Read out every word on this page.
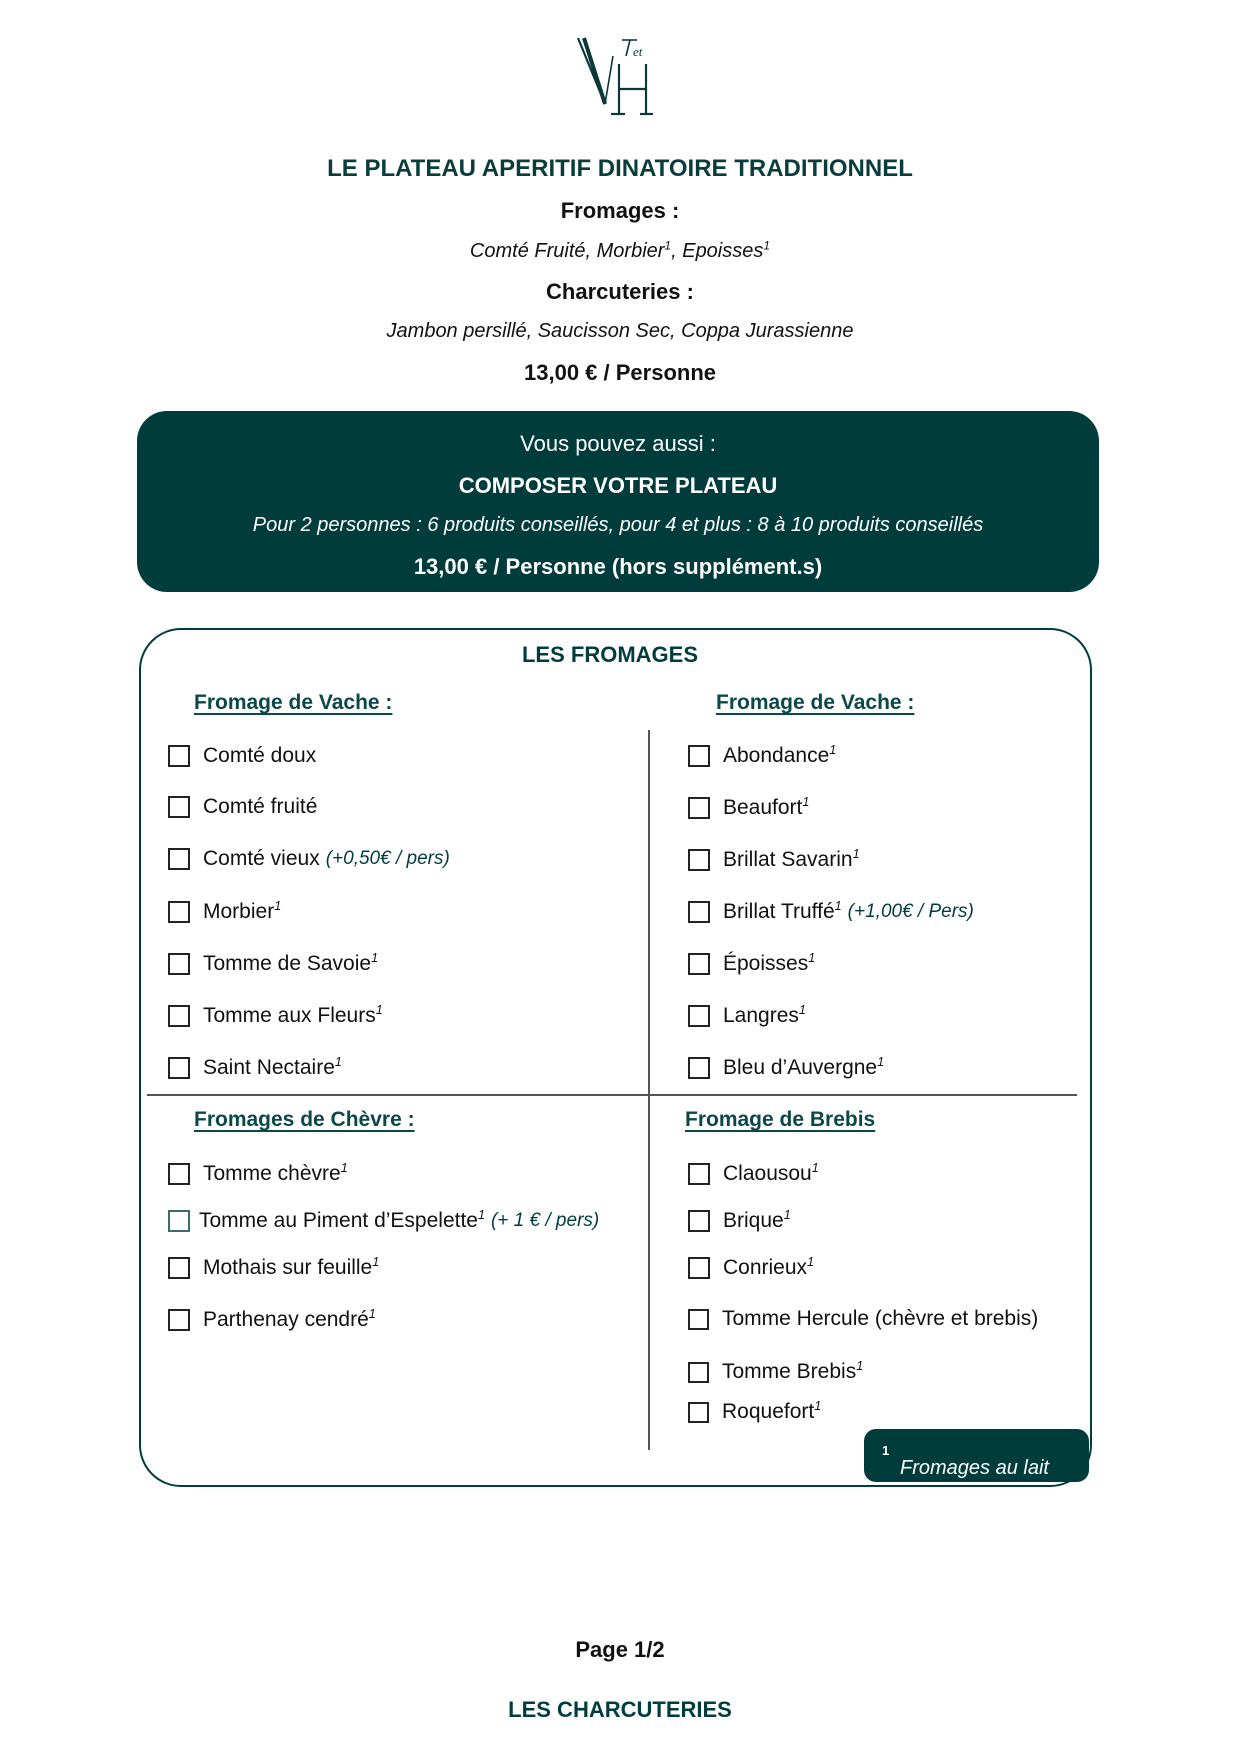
et
LE PLATEAU APERITIF DINATOIRE TRADITIONNEL
Fromages :
Comté Fruité, Morbier$^1$, Epoisses$^1$
Charcuteries :
Jambon persillé, Saucisson Sec, Coppa Jurassienne
13,00 € / Personne
Vous pouvez aussi :
COMPOSER VOTRE PLATEAU
Pour 2 personnes : 6 produits conseillés, pour 4 et plus : 8 à 10 produits conseillés
13,00 € / Personne (hors supplément.s)
LES FROMAGES
Fromage de Vache :	Fromage de Vache :
Fromages de Chèvre :	Fromage de Brebis
Comté doux
Comté fruité
Comté vieux (+0,50€ / pers)
Morbier$^1$
Tomme de Savoie$^1$
Tomme aux Fleurs$^1$
Saint Nectaire$^1$
Abondance$^1$
Beaufort$^1$
Brillat Savarin$^1$
Brillat Truffé$^1$ (+1,00€ / Pers)
Époisses$^1$
Langres$^1$
Bleu d’Auvergne$^1$
Tomme chèvre$^1$
Tomme au Piment d’Espelette$^1$ (+ 1 € / pers)
Mothais sur feuille$^1$
Parthenay cendré$^1$
Claousou$^1$
Brique$^1$
Conrieux$^1$
Tomme Hercule (chèvre et brebis)
Tomme Brebis$^1$
Roquefort$^1$
$^1$
Fromages au lait
Page 1/2
LES CHARCUTERIES
